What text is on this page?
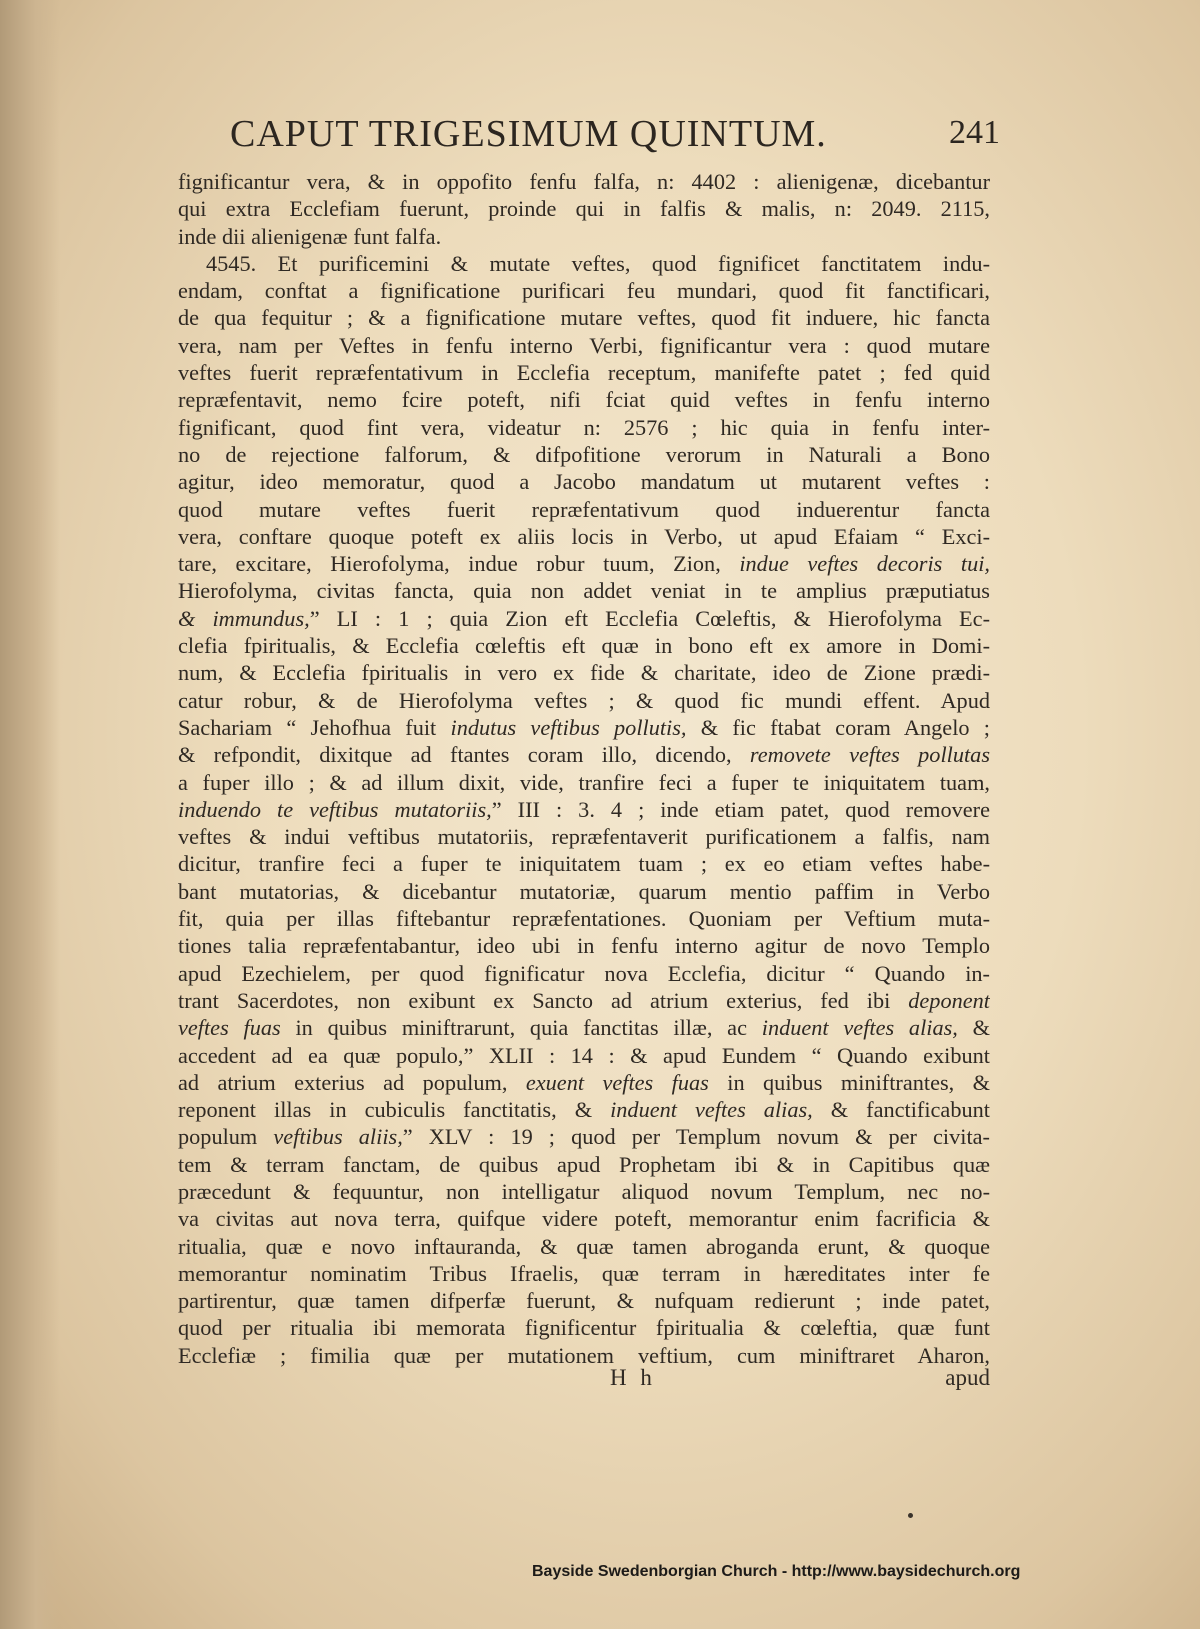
CAPUT TRIGESIMUM QUINTUM.	241
fignificantur vera, & in oppofito fenfu falfa, n: 4402 : alienigenæ, dicebantur
qui extra Ecclefiam fuerunt, proinde qui in falfis & malis, n: 2049. 2115,
inde dii alienigenæ funt falfa.
4545. Et purificemini & mutate veftes, quod fignificet fanctitatem indu-
endam, conftat a fignificatione purificari feu mundari, quod fit fanctificari,
de qua fequitur ; & a fignificatione mutare veftes, quod fit induere, hic fancta
vera, nam per Veftes in fenfu interno Verbi, fignificantur vera : quod mutare
veftes fuerit repræfentativum in Ecclefia receptum, manifefte patet ; fed quid
repræfentavit, nemo fcire poteft, nifi fciat quid veftes in fenfu interno
fignificant, quod fint vera, videatur n: 2576 ; hic quia in fenfu inter-
no de rejectione falforum, & difpofitione verorum in Naturali a Bono
agitur, ideo memoratur, quod a Jacobo mandatum ut mutarent veftes :
quod mutare veftes fuerit repræfentativum quod induerentur fancta
vera, conftare quoque poteft ex aliis locis in Verbo, ut apud Efaiam “ Exci-
tare, excitare, Hierofolyma, indue robur tuum, Zion, indue veftes decoris tui,
Hierofolyma, civitas fancta, quia non addet veniat in te amplius præputiatus
& immundus,” LI : 1 ; quia Zion eft Ecclefia Cœleftis, & Hierofolyma Ec-
clefia fpiritualis, & Ecclefia cœleftis eft quæ in bono eft ex amore in Domi-
num, & Ecclefia fpiritualis in vero ex fide & charitate, ideo de Zione prædi-
catur robur, & de Hierofolyma veftes ; & quod fic mundi effent. Apud
Sachariam “ Jehofhua fuit indutus veftibus pollutis, & fic ftabat coram Angelo ;
& refpondit, dixitque ad ftantes coram illo, dicendo, removete veftes pollutas
a fuper illo ; & ad illum dixit, vide, tranfire feci a fuper te iniquitatem tuam,
induendo te veftibus mutatoriis,” III : 3. 4 ; inde etiam patet, quod removere
veftes & indui veftibus mutatoriis, repræfentaverit purificationem a falfis, nam
dicitur, tranfire feci a fuper te iniquitatem tuam ; ex eo etiam veftes habe-
bant mutatorias, & dicebantur mutatoriæ, quarum mentio paffim in Verbo
fit, quia per illas fiftebantur repræfentationes. Quoniam per Veftium muta-
tiones talia repræfentabantur, ideo ubi in fenfu interno agitur de novo Templo
apud Ezechielem, per quod fignificatur nova Ecclefia, dicitur “ Quando in-
trant Sacerdotes, non exibunt ex Sancto ad atrium exterius, fed ibi deponent
veftes fuas in quibus miniftrarunt, quia fanctitas illæ, ac induent veftes alias, &
accedent ad ea quæ populo,” XLII : 14 : & apud Eundem “ Quando exibunt
ad atrium exterius ad populum, exuent veftes fuas in quibus miniftrantes, &
reponent illas in cubiculis fanctitatis, & induent veftes alias, & fanctificabunt
populum veftibus aliis,” XLV : 19 ; quod per Templum novum & per civita-
tem & terram fanctam, de quibus apud Prophetam ibi & in Capitibus quæ
præcedunt & fequuntur, non intelligatur aliquod novum Templum, nec no-
va civitas aut nova terra, quifque videre poteft, memorantur enim facrificia &
ritualia, quæ e novo inftauranda, & quæ tamen abroganda erunt, & quoque
memorantur nominatim Tribus Ifraelis, quæ terram in hæreditates inter fe
partirentur, quæ tamen difperfæ fuerunt, & nufquam redierunt ; inde patet,
quod per ritualia ibi memorata fignificentur fpiritualia & cœleftia, quæ funt
Ecclefiæ ; fimilia quæ per mutationem veftium, cum miniftraret Aharon,
H h	apud
Bayside Swedenborgian Church - http://www.baysidechurch.org
